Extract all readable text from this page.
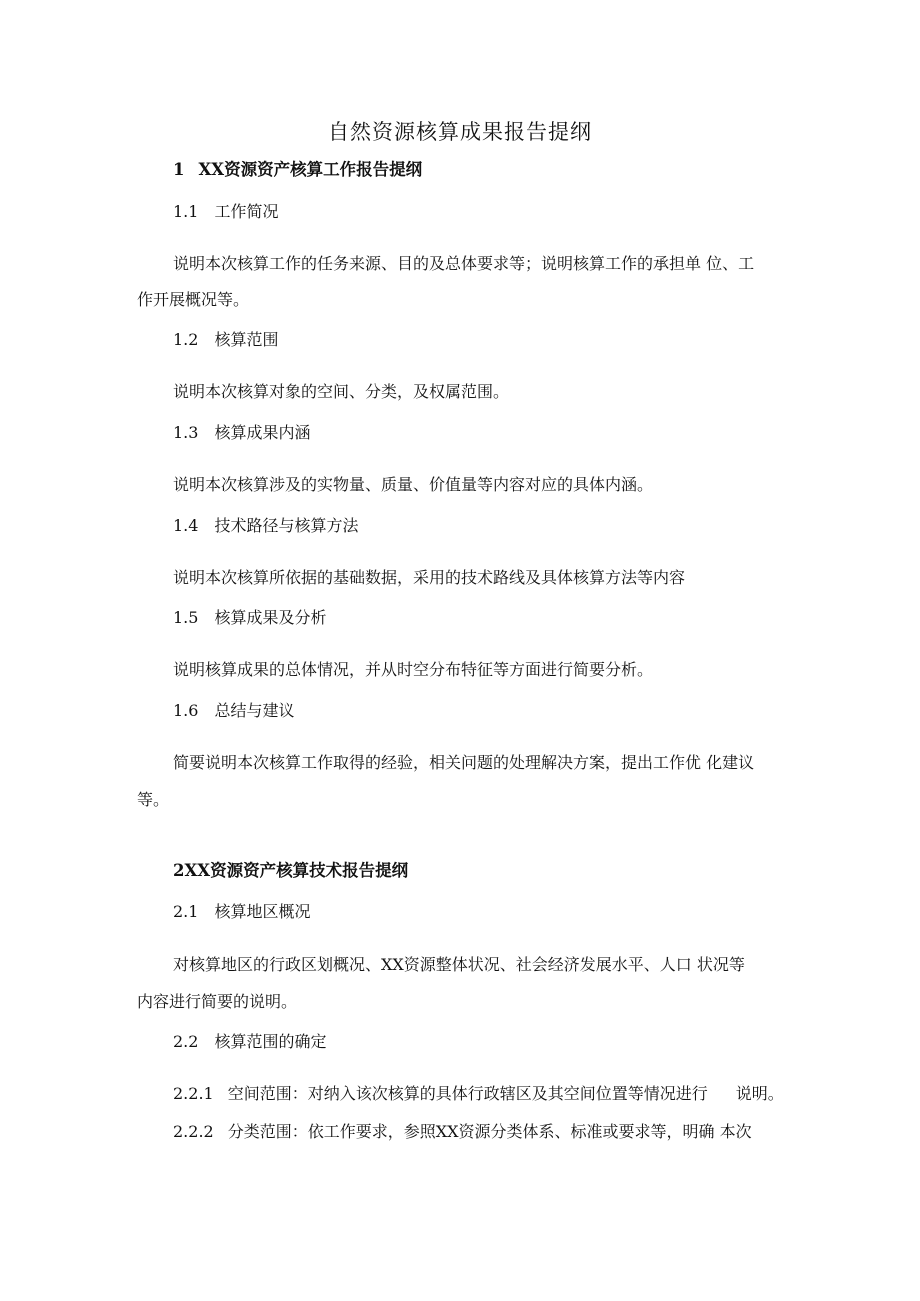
自然资源核算成果报告提纲
1 XX资源资产核算工作报告提纲
1.1 工作简况
说明本次核算工作的任务来源、目的及总体要求等；说明核算工作的承担单 位、工
作开展概况等。
1.2 核算范围
说明本次核算对象的空间、分类，及权属范围。
1.3 核算成果内涵
说明本次核算涉及的实物量、质量、价值量等内容对应的具体内涵。
1.4 技术路径与核算方法
说明本次核算所依据的基础数据，采用的技术路线及具体核算方法等内容
1.5 核算成果及分析
说明核算成果的总体情况，并从时空分布特征等方面进行简要分析。
1.6 总结与建议
简要说明本次核算工作取得的经验，相关问题的处理解决方案，提出工作优 化建议
等。
2XX资源资产核算技术报告提纲
2.1 核算地区概况
对核算地区的行政区划概况、XX资源整体状况、社会经济发展水平、人口 状况等
内容进行简要的说明。
2.2 核算范围的确定
2.2.1 空间范围：对纳入该次核算的具体行政辖区及其空间位置等情况进行 说明。
2.2.2 分类范围：依工作要求，参照XX资源分类体系、标准或要求等，明确 本次
